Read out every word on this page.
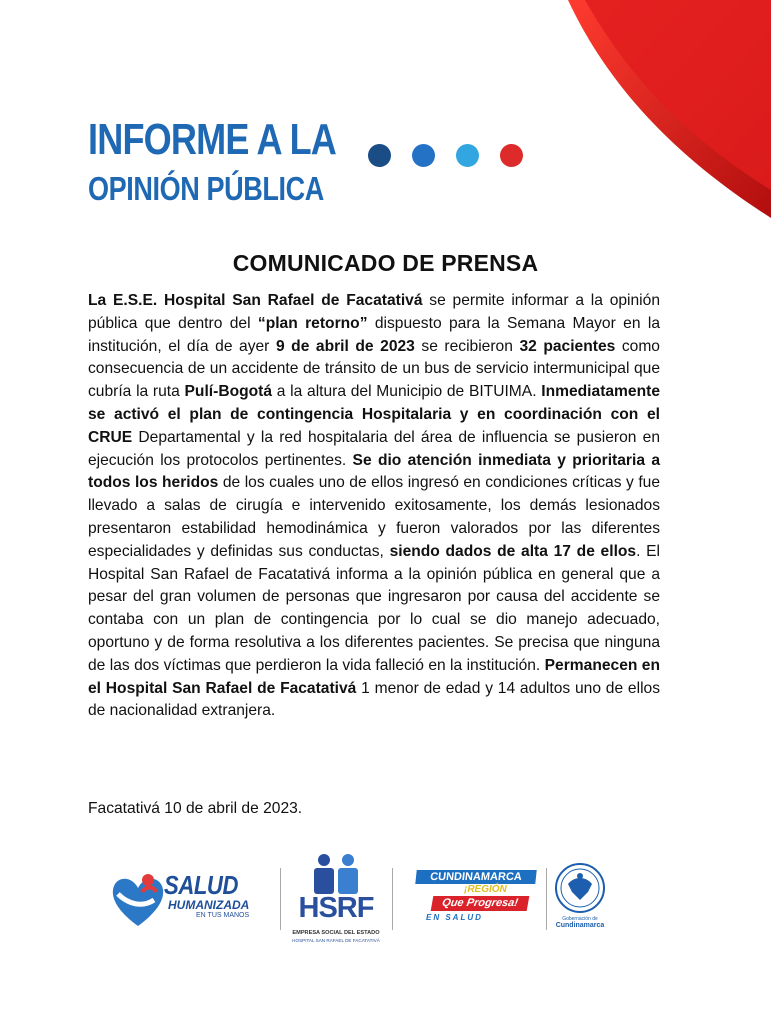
INFORME A LA
OPINIÓN PÚBLICA
COMUNICADO DE PRENSA
La E.S.E. Hospital San Rafael de Facatativá se permite informar a la opinión pública que dentro del “plan retorno” dispuesto para la Semana Mayor en la institución, el día de ayer 9 de abril de 2023 se recibieron 32 pacientes como consecuencia de un accidente de tránsito de un bus de servicio intermunicipal que cubría la ruta Pulí-Bogotá a la altura del Municipio de BITUIMA. Inmediatamente se activó el plan de contingencia Hospitalaria y en coordinación con el CRUE Departamental y la red hospitalaria del área de influencia se pusieron en ejecución los protocolos pertinentes. Se dio atención inmediata y prioritaria a todos los heridos de los cuales uno de ellos ingresó en condiciones críticas y fue llevado a salas de cirugía e intervenido exitosamente, los demás lesionados presentaron estabilidad hemodinámica y fueron valorados por las diferentes especialidades y definidas sus conductas, siendo dados de alta 17 de ellos. El Hospital San Rafael de Facatativá informa a la opinión pública en general que a pesar del gran volumen de personas que ingresaron por causa del accidente se contaba con un plan de contingencia por lo cual se dio manejo adecuado, oportuno y de forma resolutiva a los diferentes pacientes. Se precisa que ninguna de las dos víctimas que perdieron la vida falleció en la institución. Permanecen en el Hospital San Rafael de Facatativá 1 menor de edad y 14 adultos uno de ellos de nacionalidad extranjera.
Facatativá 10 de abril de 2023.
SALUD
HUMANIZADA
EN TUS MANOS HSRF
EMPRESA SOCIAL DEL ESTADO
HOSPITAL SAN RAFAEL DE FACATATIVÁ
CUNDINAMARCA
¡REGIÓN
Que Progresa!
EN SALUD	Gobernación de
Cundinamarca
